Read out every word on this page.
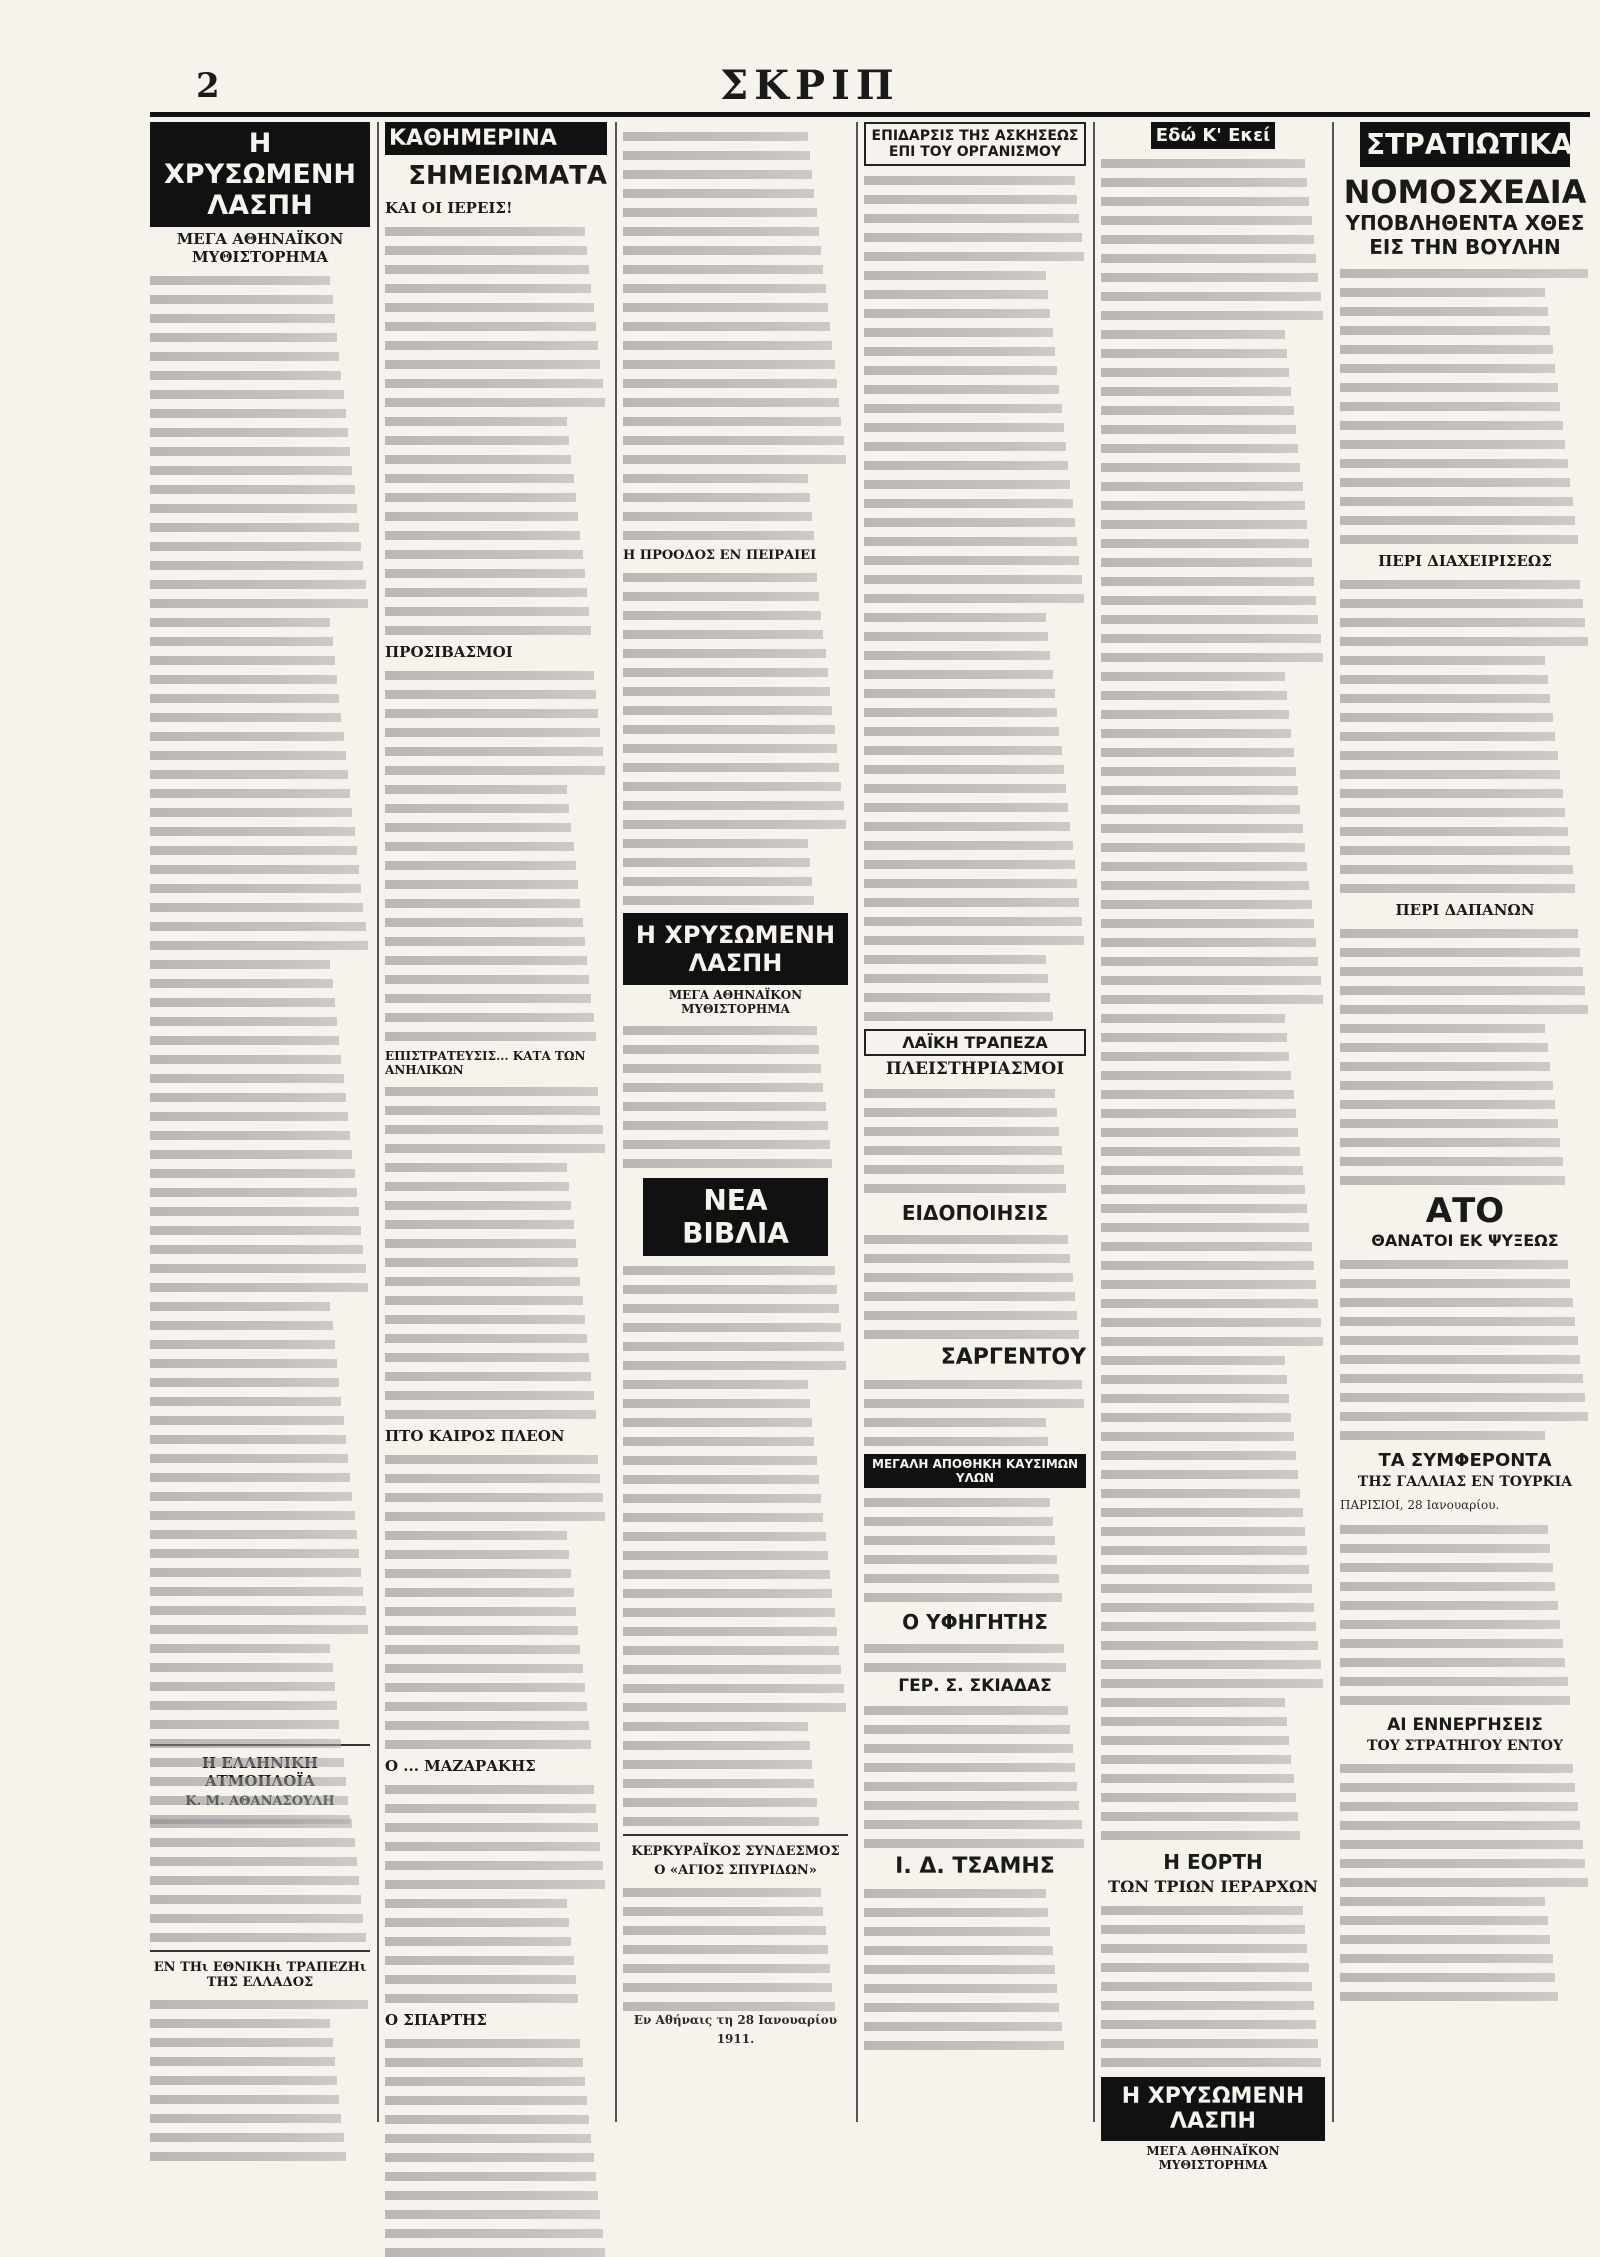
2	ΣΚΡΙΠ
Η ΧΡΥΣΩΜΕΝΗ ΛΑΣΠΗ
ΜΕΓΑ ΑΘΗΝΑΪΚΟΝ ΜΥΘΙΣΤΟΡΗΜΑ
ΕΝ ΤΗι ΕΘΝΙΚΗι ΤΡΑΠΕΖΗι ΤΗΣ ΕΛΛΑΔΟΣ
ΚΑΘΗΜΕΡΙΝΑ
ΣΗΜΕΙΩΜΑΤΑ
ΚΑΙ ΟΙ ΙΕΡΕΙΣ!
ΠΡΟΣΙΒΑΣΜΟΙ
ΕΠΙΣΤΡΑΤΕΥΣΙΣ... ΚΑΤΑ ΤΩΝ ΑΝΗΛΙΚΩΝ
ΠΤΟ ΚΑΙΡΟΣ ΠΛΕΟΝ
Ο ... ΜΑΖΑΡΑΚΗΣ
Ο ΣΠΑΡΤΗΣ
Η ΠΡΟΟΔΟΣ ΕΝ ΠΕΙΡΑΙΕΙ
Η ΧΡΥΣΩΜΕΝΗ ΛΑΣΠΗ
ΜΕΓΑ ΑΘΗΝΑΪΚΟΝ ΜΥΘΙΣΤΟΡΗΜΑ
ΝΕΑ ΒΙΒΛΙΑ
ΚΕΡΚΥΡΑΪΚΟΣ ΣΥΝΔΕΣΜΟΣ
Ο «ΑΓΙΟΣ ΣΠΥΡΙΔΩΝ»

Εν Αθήναις τη 28 Ιανουαρίου 1911.

ΕΠΙΔΑΡΣΙΣ ΤΗΣ ΑΣΚΗΣΕΩΣ ΕΠΙ ΤΟΥ ΟΡΓΑΝΙΣΜΟΥ
ΛΑΪΚΗ ΤΡΑΠΕΖΑ
ΠΛΕΙΣΤΗΡΙΑΣΜΟΙ
ΕΙΔΟΠΟΙΗΣΙΣ
ΣΑΡΓΕΝΤΟΥ
ΜΕΓΑΛΗ ΑΠΟΘΗΚΗ ΚΑΥΣΙΜΩΝ ΥΛΩΝ
Ο ΥΦΗΓΗΤΗΣ
ΓΕΡ. Σ. ΣΚΙΑΔΑΣ
Ι. Δ. ΤΣΑΜΗΣ
Εδώ Κ' Εκεί
Η ΕΟΡΤΗ
ΤΩΝ ΤΡΙΩΝ ΙΕΡΑΡΧΩΝ
Η ΧΡΥΣΩΜΕΝΗ ΛΑΣΠΗ
ΜΕΓΑ ΑΘΗΝΑΪΚΟΝ ΜΥΘΙΣΤΟΡΗΜΑ
ΣΤΡΑΤΙΩΤΙΚΑ
ΝΟΜΟΣΧΕΔΙΑ
ΥΠΟΒΛΗΘΕΝΤΑ ΧΘΕΣ
ΕΙΣ ΤΗΝ ΒΟΥΛΗΝ
ΠΕΡΙ ΔΙΑΧΕΙΡΙΣΕΩΣ
ΠΕΡΙ ΔΑΠΑΝΩΝ
ΑΤΟ
ΘΑΝΑΤΟΙ ΕΚ ΨΥΞΕΩΣ
ΤΑ ΣΥΜΦΕΡΟΝΤΑ
ΤΗΣ ΓΑΛΛΙΑΣ ΕΝ ΤΟΥΡΚΙΑ

ΠΑΡΙΣΙΟΙ, 28 Ιανουαρίου.

ΑΙ ΕΝΝΕΡΓΗΣΕΙΣ
ΤΟΥ ΣΤΡΑΤΗΓΟΥ ΕΝΤΟΥ
